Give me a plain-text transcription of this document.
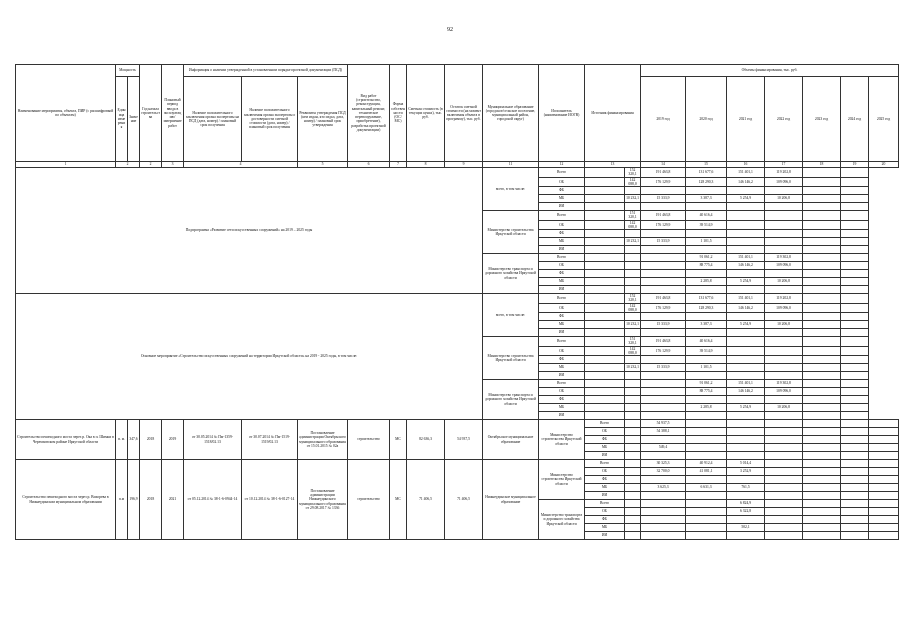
92
Наименование мероприятия, объекта, ПИР (с расшифровкой по объектам)	Мощность		Год начала строительства	Плановый период ввода в эксплуатацию/ завершение работ	Информация о наличии утвержденной в установленном порядке проектной документации (ПСД)			Вид работ (строительство, реконструкция, капитальный ремонт, техническое перевооружение, приобретение), разработка проектной документации)	Форма собственности (ОС/МС)	Сметная стоимость (в текущих ценах), тыс. руб.	Остаток сметной стоимости (на момент включения объекта в программу), тыс. руб.	Муниципальное образование (городское/сельское поселение, муниципальный район, городской округ)	Исполнитель (наименование ИОГВ)	Источник финансирования		Объемы финансирования, тыс. руб.						
	Единица измерения	Значение			Наличие положительного заключения органа экспертизы на ПСД (дата, номер) / плановый срок получения	Наличие положительного заключения органа экспертизы о достоверности сметной стоимости (дата, номер) / плановый срок получения	Реквизиты утверждения ПСД (кем издан, кто издал, дата, номер) / плановый срок утверждения									2019 год	2020 год	2021 год	2022 год	2023 год	2024 год	2025 год
1	2		2	3	4		5	6	7	8	9	11	12	13		14	15	16	17	18	19	20
Подпрограмма «Развитие сети искусственных сооружений» на 2019 – 2025 годы												всего, в том числе:	Всего		152 320,1	191 463,8	131 677,6	151 401,1	119 202,8			
													ОБ		142 088,0	176 129,9	128 290,3	146 146,2	109 096,0			
													ФБ									
													МБ		10 232,1	15 333,9	3 387,3	5 254,9	10 206,8			
													ИИ									
												Министерство строительства Иркутской области	Всего		151 320,1	191 463,8	40 616,4					
													ОБ		142 088,0	176 129,9	39 514,9					
													ФБ									
													МБ		10 232,1	15 333,9	1 101,5					
													ИИ									
												Министерство транспорта и дорожного хозяйства Иркутской области	Всего				91 061,2	151 401,1	119 302,8			
													ОБ				88 775,4	146 146,2	109 096,0			
													ФБ									
													МБ				2 285,8	5 254,9	10 206,8			
													ИИ									
Основное мероприятие «Строительство искусственных сооружений на территории Иркутской области» на 2019 - 2025 годы, в том числе:												всего, в том числе:	Всего		152 320,1	191 463,8	131 677,6	151 401,1	119 202,8			
													ОБ		142 088,0	176 129,9	128 290,3	146 146,2	109 096,0			
													ФБ									
													МБ		10 232,1	15 333,9	3 387,3	5 254,9	10 206,8			
													ИИ									
												Министерство строительства Иркутской области	Всего		151 320,1	191 463,8	40 616,4					
													ОБ		142 088,0	176 129,9	39 514,9					
													ФБ									
													МБ		10 232,1	15 333,9	1 101,5					
													ИИ									
												Министерство транспорта и дорожного хозяйства Иркутской области	Всего				91 061,2	151 401,1	119 302,8			
													ОБ				88 775,4	146 146,2	109 096,0			
													ФБ									
													МБ				2 285,8	5 254,9	10 206,8			
													ИИ									
Строительство пешеходного моста через р. Ока в п. Шимки в Черемховском районе Иркутской области	п. м.	347,6	2018	2019	от 30.05.2014 № Пм-1359-1518/02.13	от 30.07.2014 № Пм-1519-1519/02.13	Постановление администрации Октябрьского муниципального образования от 15.01.2015 № 02а	строительство	МС	82 636,3	54 937,5	Октябрьское муниципальное образование	Министерство строительства Иркутской области	Всего		54 937,5						
														ОБ		54 388,1						
														ФБ								
														МБ		549,4						
														ИИ								
Строительство пешеходного моста через р. Вихорева в Нижнеудинском муниципальном образовании	п.м	196,9	2018	2021	от 05.12.2014 № 38-1-6-0944-14	от 10.12.2014 № 38-1-6-0127-14	Постановление администрации Нижнеудинского муниципального образования от 29.08.2017 № 1336	строительство	МС	71 406,5	71 406,5	Нижнеудинское муниципальное образование	Министерство строительства Иркутской области	Всего		30 325,3	40 912,4	5 014,4				
														ОБ		32 700,0	41 081,1	3 252,9				
														ФБ								
														МБ		3 625,3	6 631,3	761,5				
														ИИ								
													Министерство транспорта и дорожного хозяйства Иркутской области	Всего				6 824,9				
														ОБ				6 322,8				
														ФБ								
														МБ				502,1				
														ИИ								
